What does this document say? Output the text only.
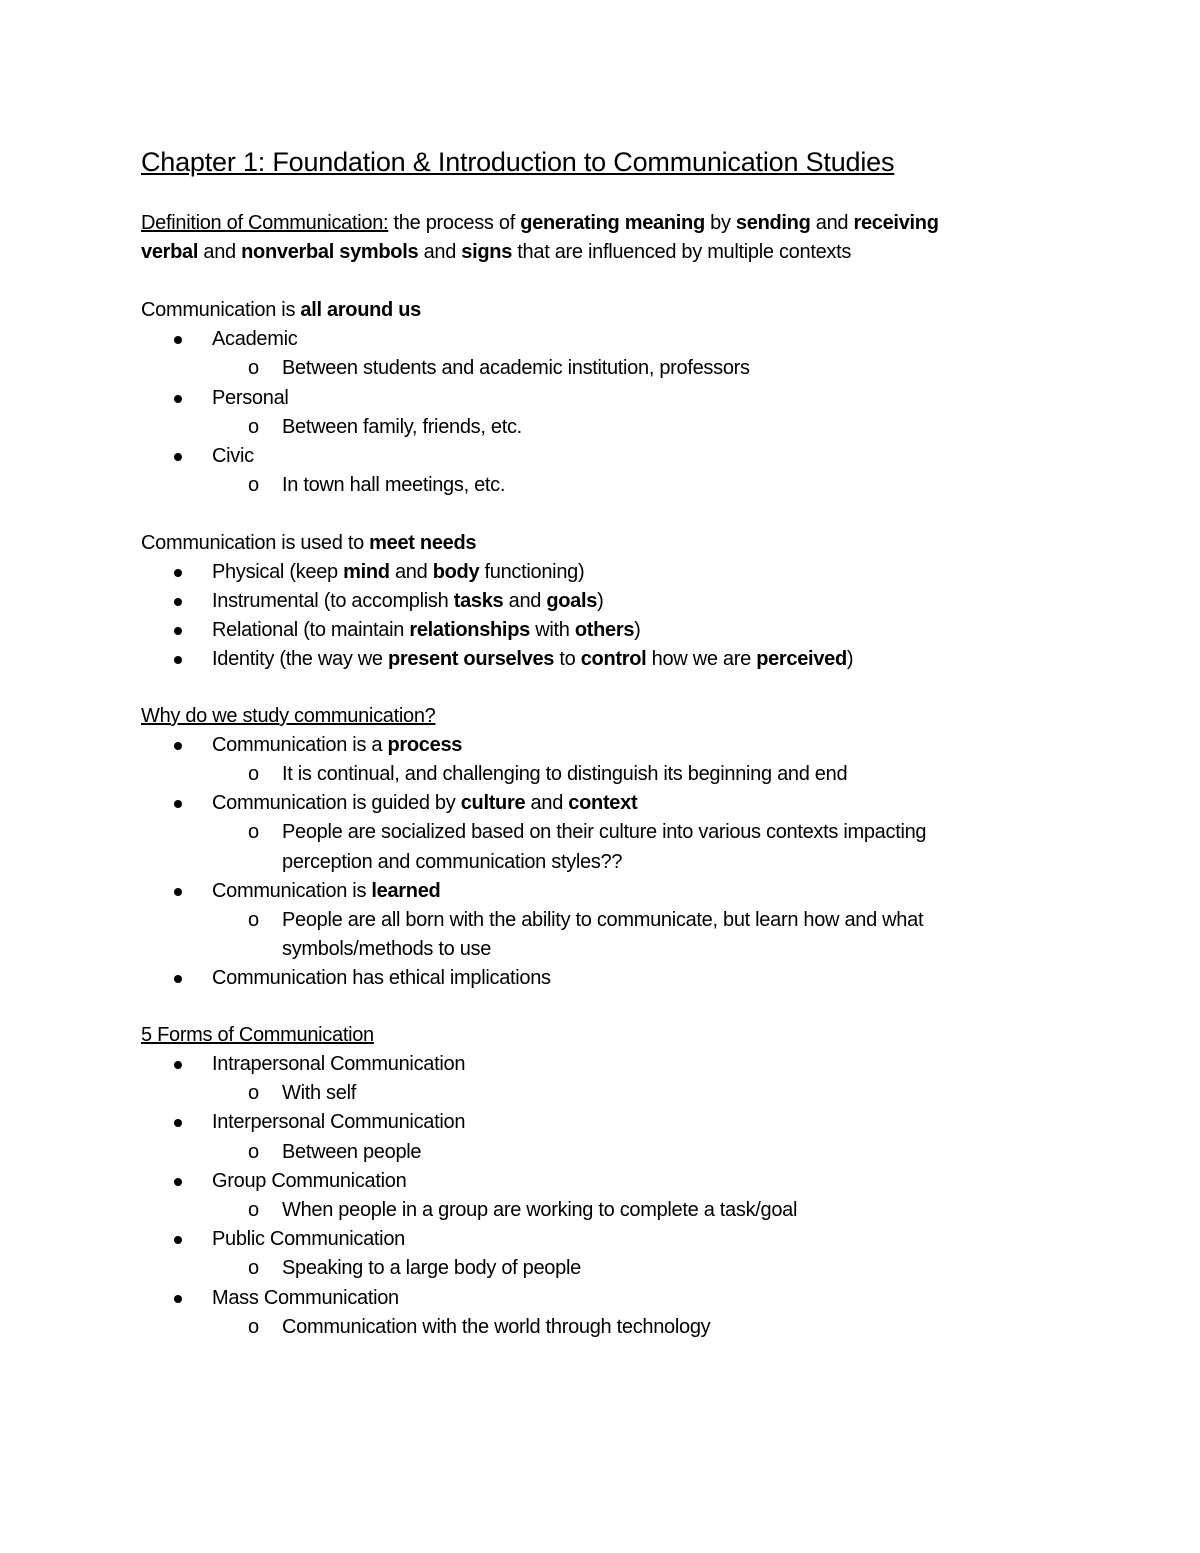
Chapter 1: Foundation & Introduction to Communication Studies
Definition of Communication: the process of generating meaning by sending and receiving
verbal and nonverbal symbols and signs that are influenced by multiple contexts
Communication is all around us
Academic
o Between students and academic institution, professors
Personal
o Between family, friends, etc.
Civic
o In town hall meetings, etc.
Communication is used to meet needs
Physical (keep mind and body functioning)
Instrumental (to accomplish tasks and goals)
Relational (to maintain relationships with others)
Identity (the way we present ourselves to control how we are perceived)
Why do we study communication?
Communication is a process
o It is continual, and challenging to distinguish its beginning and end
Communication is guided by culture and context
o People are socialized based on their culture into various contexts impacting
perception and communication styles??
Communication is learned
o People are all born with the ability to communicate, but learn how and what
symbols/methods to use
Communication has ethical implications
5 Forms of Communication
Intrapersonal Communication
o With self
Interpersonal Communication
o Between people
Group Communication
o When people in a group are working to complete a task/goal
Public Communication
o Speaking to a large body of people
Mass Communication
o Communication with the world through technology
